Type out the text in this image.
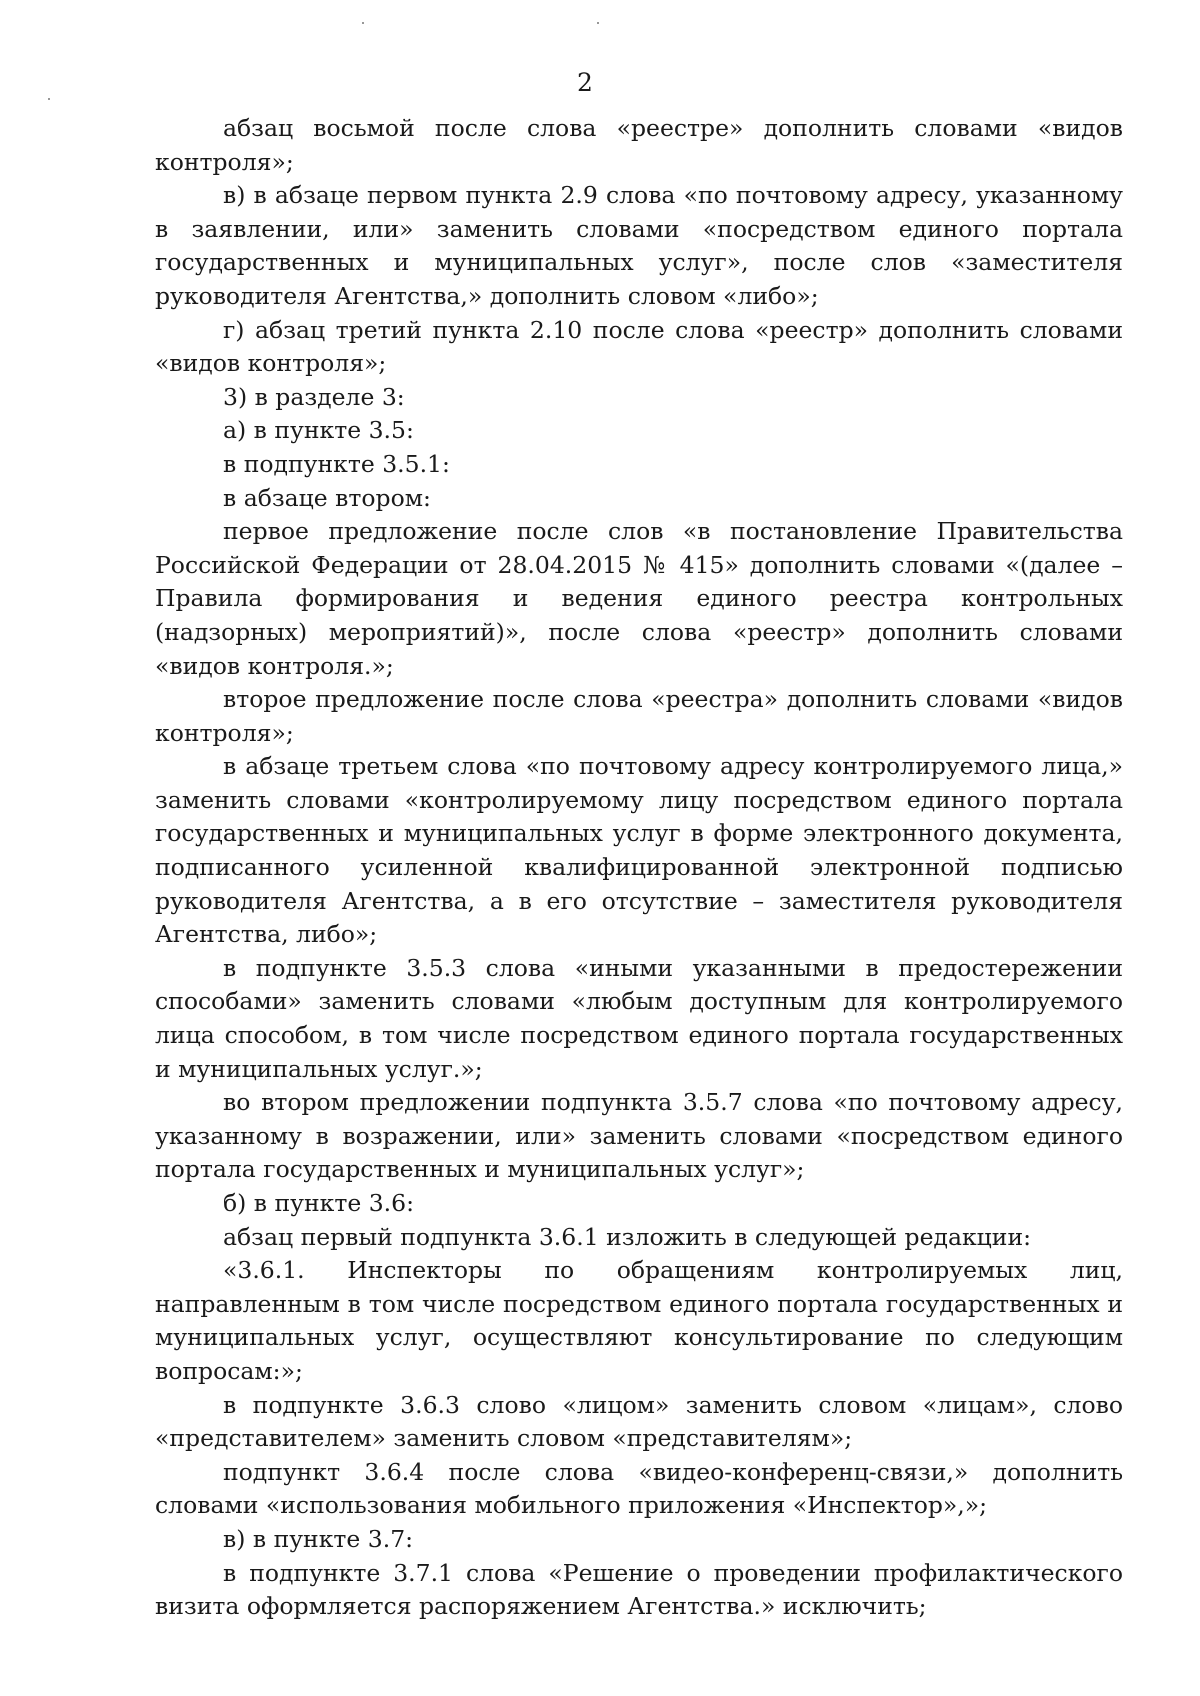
2

абзац восьмой после слова «реестре» дополнить словами «видов контроля»;

в) в абзаце первом пункта 2.9 слова «по почтовому адресу, указанному в заявлении, или» заменить словами «посредством единого портала государственных и муниципальных услуг», после слов «заместителя руководителя Агентства,» дополнить словом «либо»;

г) абзац третий пункта 2.10 после слова «реестр» дополнить словами «видов контроля»;

3) в разделе 3:

а) в пункте 3.5:

в подпункте 3.5.1:

в абзаце втором:

первое предложение после слов «в постановление Правительства Российской Федерации от 28.04.2015 № 415» дополнить словами «(далее – Правила формирования и ведения единого реестра контрольных (надзорных) мероприятий)», после слова «реестр» дополнить словами «видов контроля.»;

второе предложение после слова «реестра» дополнить словами «видов контроля»;

в абзаце третьем слова «по почтовому адресу контролируемого лица,» заменить словами «контролируемому лицу посредством единого портала государственных и муниципальных услуг в форме электронного документа, подписанного усиленной квалифицированной электронной подписью руководителя Агентства, а в его отсутствие – заместителя руководителя Агентства, либо»;

в подпункте 3.5.3 слова «иными указанными в предостережении способами» заменить словами «любым доступным для контролируемого лица способом, в том числе посредством единого портала государственных и муниципальных услуг.»;

во втором предложении подпункта 3.5.7 слова «по почтовому адресу, указанному в возражении, или» заменить словами «посредством единого портала государственных и муниципальных услуг»;

б) в пункте 3.6:

абзац первый подпункта 3.6.1 изложить в следующей редакции:

«3.6.1. Инспекторы по обращениям контролируемых лиц, направленным в том числе посредством единого портала государственных и муниципальных услуг, осуществляют консультирование по следующим вопросам:»;

в подпункте 3.6.3 слово «лицом» заменить словом «лицам», слово «представителем» заменить словом «представителям»;

подпункт 3.6.4 после слова «видео-конференц-связи,» дополнить словами «использования мобильного приложения «Инспектор»,»;

в) в пункте 3.7:

в подпункте 3.7.1 слова «Решение о проведении профилактического визита оформляется распоряжением Агентства.» исключить;
